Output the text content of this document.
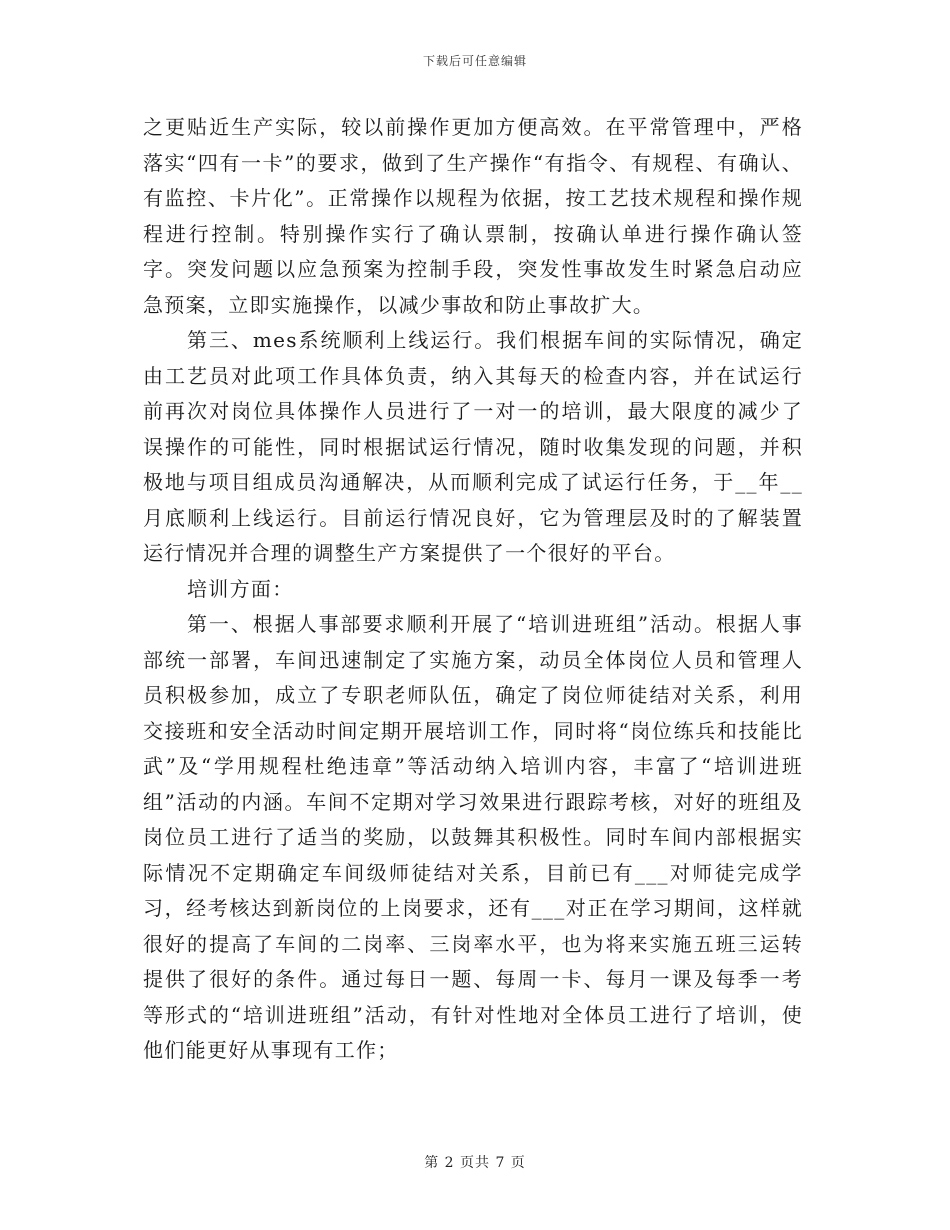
下载后可任意编辑

之更贴近生产实际，较以前操作更加方便高效。在平常管理中，严格落实“四有一卡”的要求，做到了生产操作“有指令、有规程、有确认、有监控、卡片化”。正常操作以规程为依据，按工艺技术规程和操作规程进行控制。特别操作实行了确认票制，按确认单进行操作确认签字。突发问题以应急预案为控制手段，突发性事故发生时紧急启动应急预案，立即实施操作，以减少事故和防止事故扩大。

第三、mes系统顺利上线运行。我们根据车间的实际情况，确定由工艺员对此项工作具体负责，纳入其每天的检查内容，并在试运行前再次对岗位具体操作人员进行了一对一的培训，最大限度的减少了误操作的可能性，同时根据试运行情况，随时收集发现的问题，并积极地与项目组成员沟通解决，从而顺利完成了试运行任务，于__年__月底顺利上线运行。目前运行情况良好，它为管理层及时的了解装置运行情况并合理的调整生产方案提供了一个很好的平台。

培训方面：

第一、根据人事部要求顺利开展了“培训进班组”活动。根据人事部统一部署，车间迅速制定了实施方案，动员全体岗位人员和管理人员积极参加，成立了专职老师队伍，确定了岗位师徒结对关系，利用交接班和安全活动时间定期开展培训工作，同时将“岗位练兵和技能比武”及“学用规程杜绝违章”等活动纳入培训内容，丰富了“培训进班组”活动的内涵。车间不定期对学习效果进行跟踪考核，对好的班组及岗位员工进行了适当的奖励，以鼓舞其积极性。同时车间内部根据实际情况不定期确定车间级师徒结对关系，目前已有___对师徒完成学习，经考核达到新岗位的上岗要求，还有___对正在学习期间，这样就很好的提高了车间的二岗率、三岗率水平，也为将来实施五班三运转提供了很好的条件。通过每日一题、每周一卡、每月一课及每季一考等形式的“培训进班组”活动，有针对性地对全体员工进行了培训，使他们能更好从事现有工作；

第 2 页共 7 页
